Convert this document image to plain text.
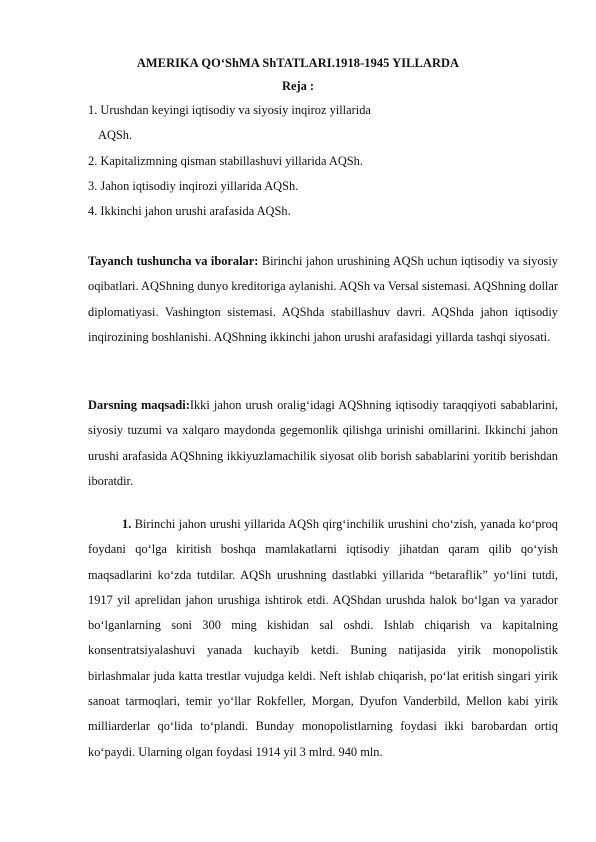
AMERIKA QO‘ShMA ShTATLARI.1918-1945 YILLARDA
Reja :
1. Urushdan keyingi iqtisodiy va siyosiy inqiroz yillarida
AQSh.
2. Kapitalizmning qisman stabillashuvi yillarida AQSh.
3. Jahon iqtisodiy inqirozi yillarida AQSh.
4. Ikkinchi jahon urushi arafasida AQSh.
Tayanch tushuncha va iboralar: Birinchi jahon urushining AQSh uchun iqtisodiy va siyosiy oqibatlari. AQShning dunyo kreditoriga aylanishi. AQSh va Versal sistemasi. AQShning dollar diplomatiyasi. Vashington sistemasi. AQShda stabillashuv davri. AQShda jahon iqtisodiy inqirozining boshlanishi. AQShning ikkinchi jahon urushi arafasidagi yillarda tashqi siyosati.
Darsning maqsadi:Ikki jahon urush oralig‘idagi AQShning iqtisodiy taraqqiyoti sabablarini, siyosiy tuzumi va xalqaro maydonda gegemonlik qilishga urinishi omillarini. Ikkinchi jahon urushi arafasida AQShning ikkiyuzlamachilik siyosat olib borish sabablarini yoritib berishdan iboratdir.
1. Birinchi jahon urushi yillarida AQSh qirg‘inchilik urushini cho‘zish, yanada ko‘proq foydani qo‘lga kiritish boshqa mamlakatlarni iqtisodiy jihatdan qaram qilib qo‘yish maqsadlarini ko‘zda tutdilar. AQSh urushning dastlabki yillarida “betaraflik” yo‘lini tutdi, 1917 yil aprelidan jahon urushiga ishtirok etdi. AQShdan urushda halok bo‘lgan va yarador bo‘lganlarning soni 300 ming kishidan sal oshdi. Ishlab chiqarish va kapitalning konsentratsiyalashuvi yanada kuchayib ketdi. Buning natijasida yirik monopolistik birlashmalar juda katta trestlar vujudga keldi. Neft ishlab chiqarish, po‘lat eritish singari yirik sanoat tarmoqlari, temir yo‘llar Rokfeller, Morgan, Dyufon Vanderbild, Mellon kabi yirik milliarderlar qo‘lida to‘plandi. Bunday monopolistlarning foydasi ikki barobardan ortiq ko‘paydi. Ularning olgan foydasi 1914 yil 3 mlrd. 940 mln.
